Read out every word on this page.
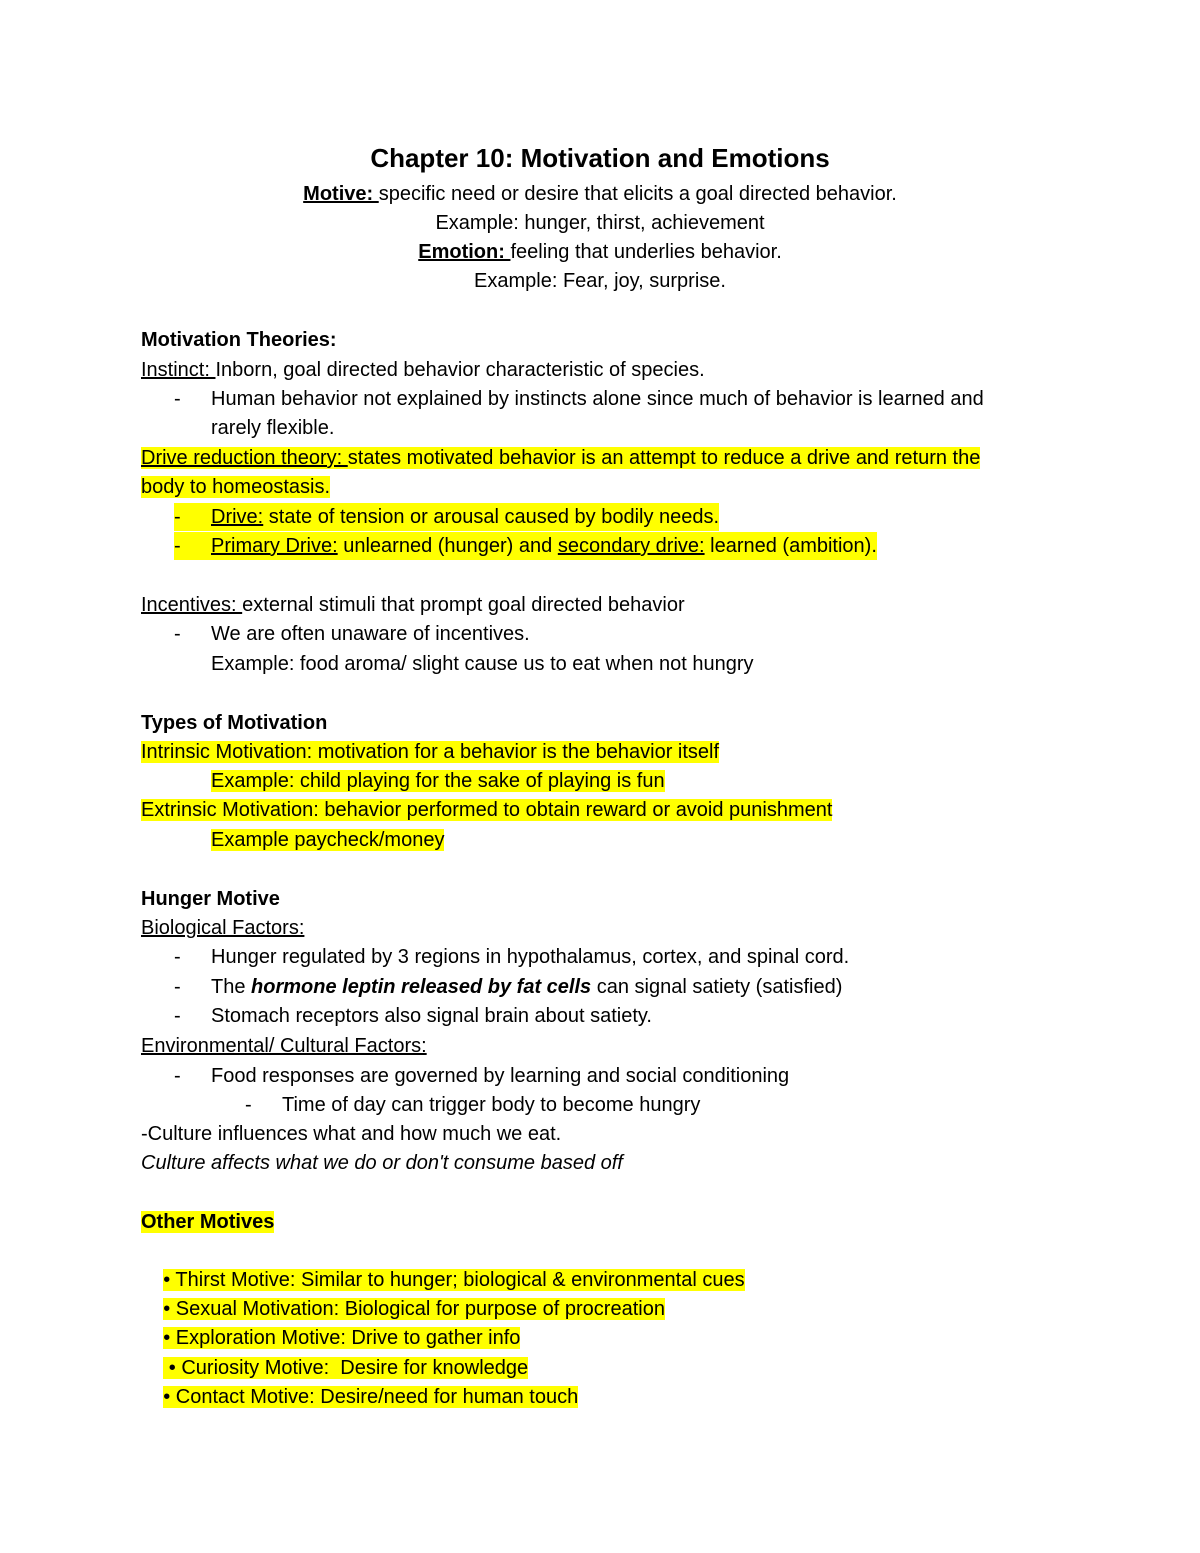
Chapter 10: Motivation and Emotions
Motive: specific need or desire that elicits a goal directed behavior.
Example: hunger, thirst, achievement
Emotion: feeling that underlies behavior.
Example: Fear, joy, surprise.
Motivation Theories:
Instinct: Inborn, goal directed behavior characteristic of species.
- Human behavior not explained by instincts alone since much of behavior is learned and
rarely flexible.
Drive reduction theory: states motivated behavior is an attempt to reduce a drive and return the
body to homeostasis.
-	Drive: state of tension or arousal caused by bodily needs.
-	Primary Drive: unlearned (hunger) and secondary drive: learned (ambition).
Incentives: external stimuli that prompt goal directed behavior
- We are often unaware of incentives.
Example: food aroma/ slight cause us to eat when not hungry
Types of Motivation
Intrinsic Motivation: motivation for a behavior is the behavior itself
Example: child playing for the sake of playing is fun
Extrinsic Motivation: behavior performed to obtain reward or avoid punishment
Example paycheck/money
Hunger Motive
Biological Factors:
- Hunger regulated by 3 regions in hypothalamus, cortex, and spinal cord.
- The hormone leptin released by fat cells can signal satiety (satisfied)
- Stomach receptors also signal brain about satiety.
Environmental/ Cultural Factors:
- Food responses are governed by learning and social conditioning
- Time of day can trigger body to become hungry
-Culture influences what and how much we eat.
Culture affects what we do or don't consume based off
Other Motives

• Thirst Motive: Similar to hunger; biological & environmental cues

• Sexual Motivation: Biological for purpose of procreation

• Exploration Motive: Drive to gather info

• Curiosity Motive:  Desire for knowledge

• Contact Motive: Desire/need for human touch
